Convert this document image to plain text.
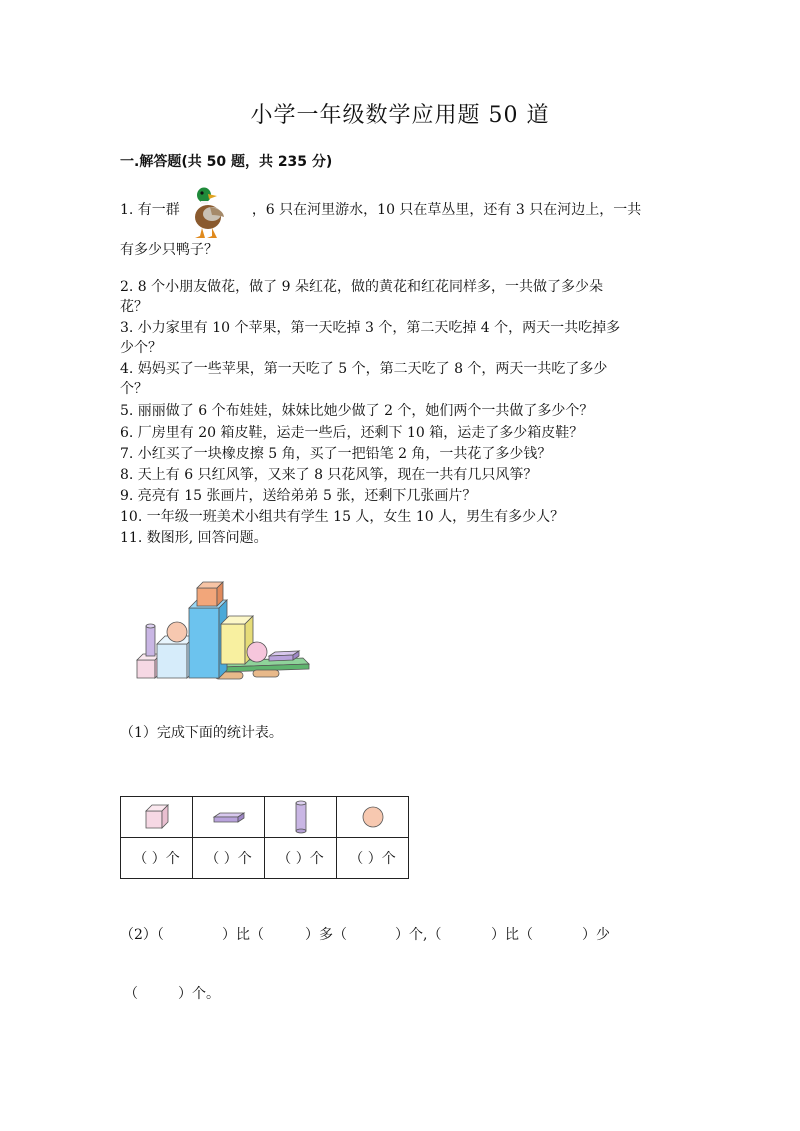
小学一年级数学应用题 50 道
一.解答题(共 50 题，共 235 分)
1. 有一群	，6 只在河里游水，10 只在草丛里，还有 3 只在河边上，一共
有多少只鸭子？
2. 8 个小朋友做花，做了 9 朵红花，做的黄花和红花同样多，一共做了多少朵
花？
3. 小力家里有 10 个苹果，第一天吃掉 3 个，第二天吃掉 4 个，两天一共吃掉多
少个？
4. 妈妈买了一些苹果，第一天吃了 5 个，第二天吃了 8 个，两天一共吃了多少
个？
5. 丽丽做了 6 个布娃娃，妹妹比她少做了 2 个，她们两个一共做了多少个？
6. 厂房里有 20 箱皮鞋，运走一些后，还剩下 10 箱，运走了多少箱皮鞋？
7. 小红买了一块橡皮擦 5 角，买了一把铅笔 2 角，一共花了多少钱？
8. 天上有 6 只红风筝，又来了 8 只花风筝，现在一共有几只风筝？
9. 亮亮有 15 张画片，送给弟弟 5 张，还剩下几张画片？
10. 一年级一班美术小组共有学生 15 人，女生 10 人，男生有多少人？
11. 数图形, 回答问题。
（1）完成下面的统计表。

（ ）个	（ ）个	（ ）个	（ ）个
（2）（	）比（	）多（	）个,（	）比（	）少
（	）个。
